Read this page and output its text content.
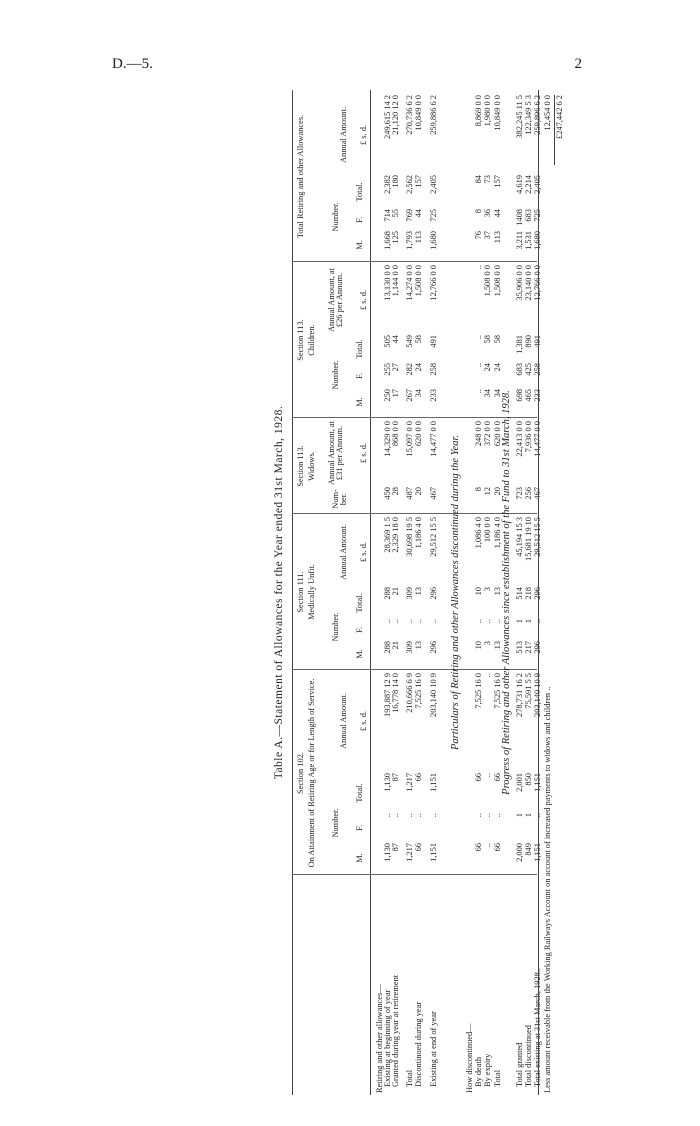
D.—5.	2
Table A.—Statement of Allowances for the Year ended 31st March, 1928. Section 102. On Attainment of Retiring Age or for Length of Service.
Section 111. Medically Unfit.
Section 113. Widows.
Section 113. Children.
Total Retiring and other Allowances.
Number.
Annual Amount.
Number.
Annual Amount.
Num-ber.
Annual Amount, at £31 per Annum.
Number.
Annual Amount, at £26 per Annum.
Number.
Annual Amount.
M.
F.
Total.
M.
F.
Total.
M.
F.
Total.
M.
F.
Total.
£ s. d.
£ s. d.
£ s. d.
£ s. d.
£ s. d.
Retiring and other allowances— Existing at beginning of year
1,130
..
1,130
193,887 12 9
288
..
288
28,369 1 5
450
14,329 0 0
250
255
505
13,130 0 0
1,668
714
2,382
249,615 14 2
Granted during year at retirement
87
..
87
16,778 14 0
21
..
21
2,329 18 0
28
868 0 0
17
27
44
1,144 0 0
125
55
180
21,120 12 0
Total
1,217
..
1,217
210,666 6 9
309
..
309
30,698 19 5
487
15,097 0 0
267
282
549
14,274 0 0
1,793
769
2,562
270,736 6 2
Discontinued during year
66
..
66
7,525 16 0
13
..
13
1,186 4 0
20
620 0 0
34
24
58
1,508 0 0
113
44
157
10,849 0 0
Existing at end of year
1,151
..
1,151
203,140 10 9
296
..
296
29,512 15 5
467
14,477 0 0
233
258
491
12,766 0 0
1,680
725
2,405
259,886 6 2
How discontinued— By death
66
..
66
7,525 16 0
10
..
10
1,086 4 0
8
248 0 0
..
..
..
..
76
8
84
8,869 0 0
By expiry
..
..
..
..
3
..
3
100 0 0
12
372 0 0
34
24
58
1,508 0 0
37
36
73
1,980 0 0
Total
66
..
66
7,525 16 0
13
..
13
1,186 4 0
20
620 0 0
34
24
58
1,508 0 0
113
44
157
10,849 0 0
Total granted
2,000
1
2,001
278,731 16 2
513
1
514
45,194 15 3
723
22,413 0 0
698
683
1,381
35,906 0 0
3,211
1408
4,619
382,245 11 5
Total discontinued
849
1
850
75,591 5 5
217
1
218
15,681 19 10
256
7,936 0 0
465
425
890
23,140 0 0
1,531
683
2,214
122,349 5 3
Total existing at 31st March, 1928..
1,151
..
1,151
203,140 10 9
296
..
296
29,512 15 5
467
14,477 0 0
233
258
491
12,766 0 0
1,680
725
2,405
259,896 6 2
Particulars of Retiring and other Allowances discontinued during the Year.	Progress of Retiring and other Allowances since establishment of the Fund to 31st March, 1928.
Less amount receivable from the Working Railways Account on account of increased payments to widows and children ..
12,454 0 0 £247,442 6 2
